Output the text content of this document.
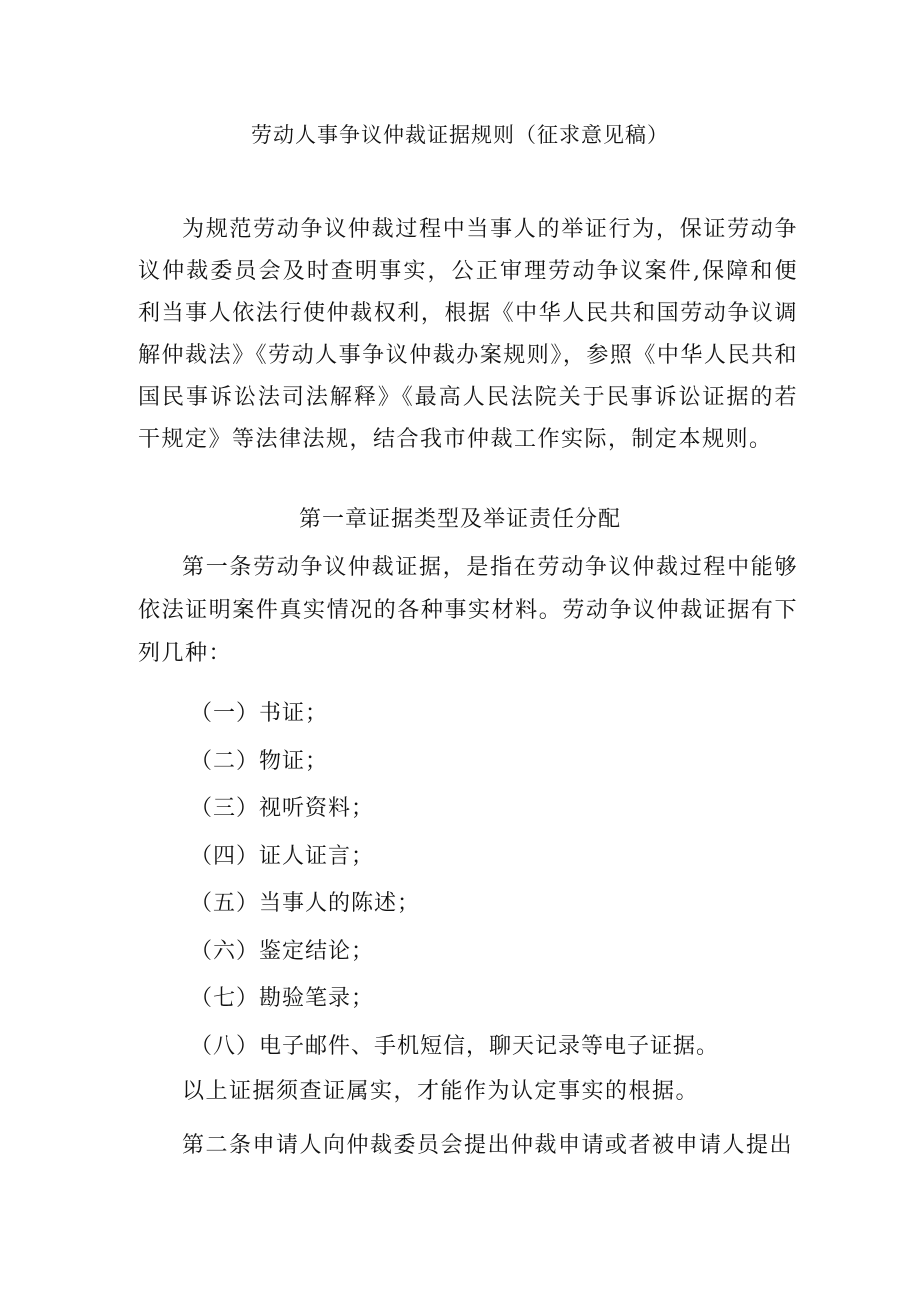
劳动人事争议仲裁证据规则（征求意见稿）

为规范劳动争议仲裁过程中当事人的举证行为，保证劳动争议仲裁委员会及时查明事实，公正审理劳动争议案件,保障和便利当事人依法行使仲裁权利，根据《中华人民共和国劳动争议调解仲裁法》《劳动人事争议仲裁办案规则》，参照《中华人民共和国民事诉讼法司法解释》《最高人民法院关于民事诉讼证据的若干规定》等法律法规，结合我市仲裁工作实际，制定本规则。

第一章证据类型及举证责任分配

第一条劳动争议仲裁证据，是指在劳动争议仲裁过程中能够依法证明案件真实情况的各种事实材料。劳动争议仲裁证据有下列几种：

（一）书证；
（二）物证；
（三）视听资料；
（四）证人证言；
（五）当事人的陈述；
（六）鉴定结论；
（七）勘验笔录；
（八）电子邮件、手机短信，聊天记录等电子证据。

以上证据须查证属实，才能作为认定事实的根据。

第二条申请人向仲裁委员会提出仲裁申请或者被申请人提出
